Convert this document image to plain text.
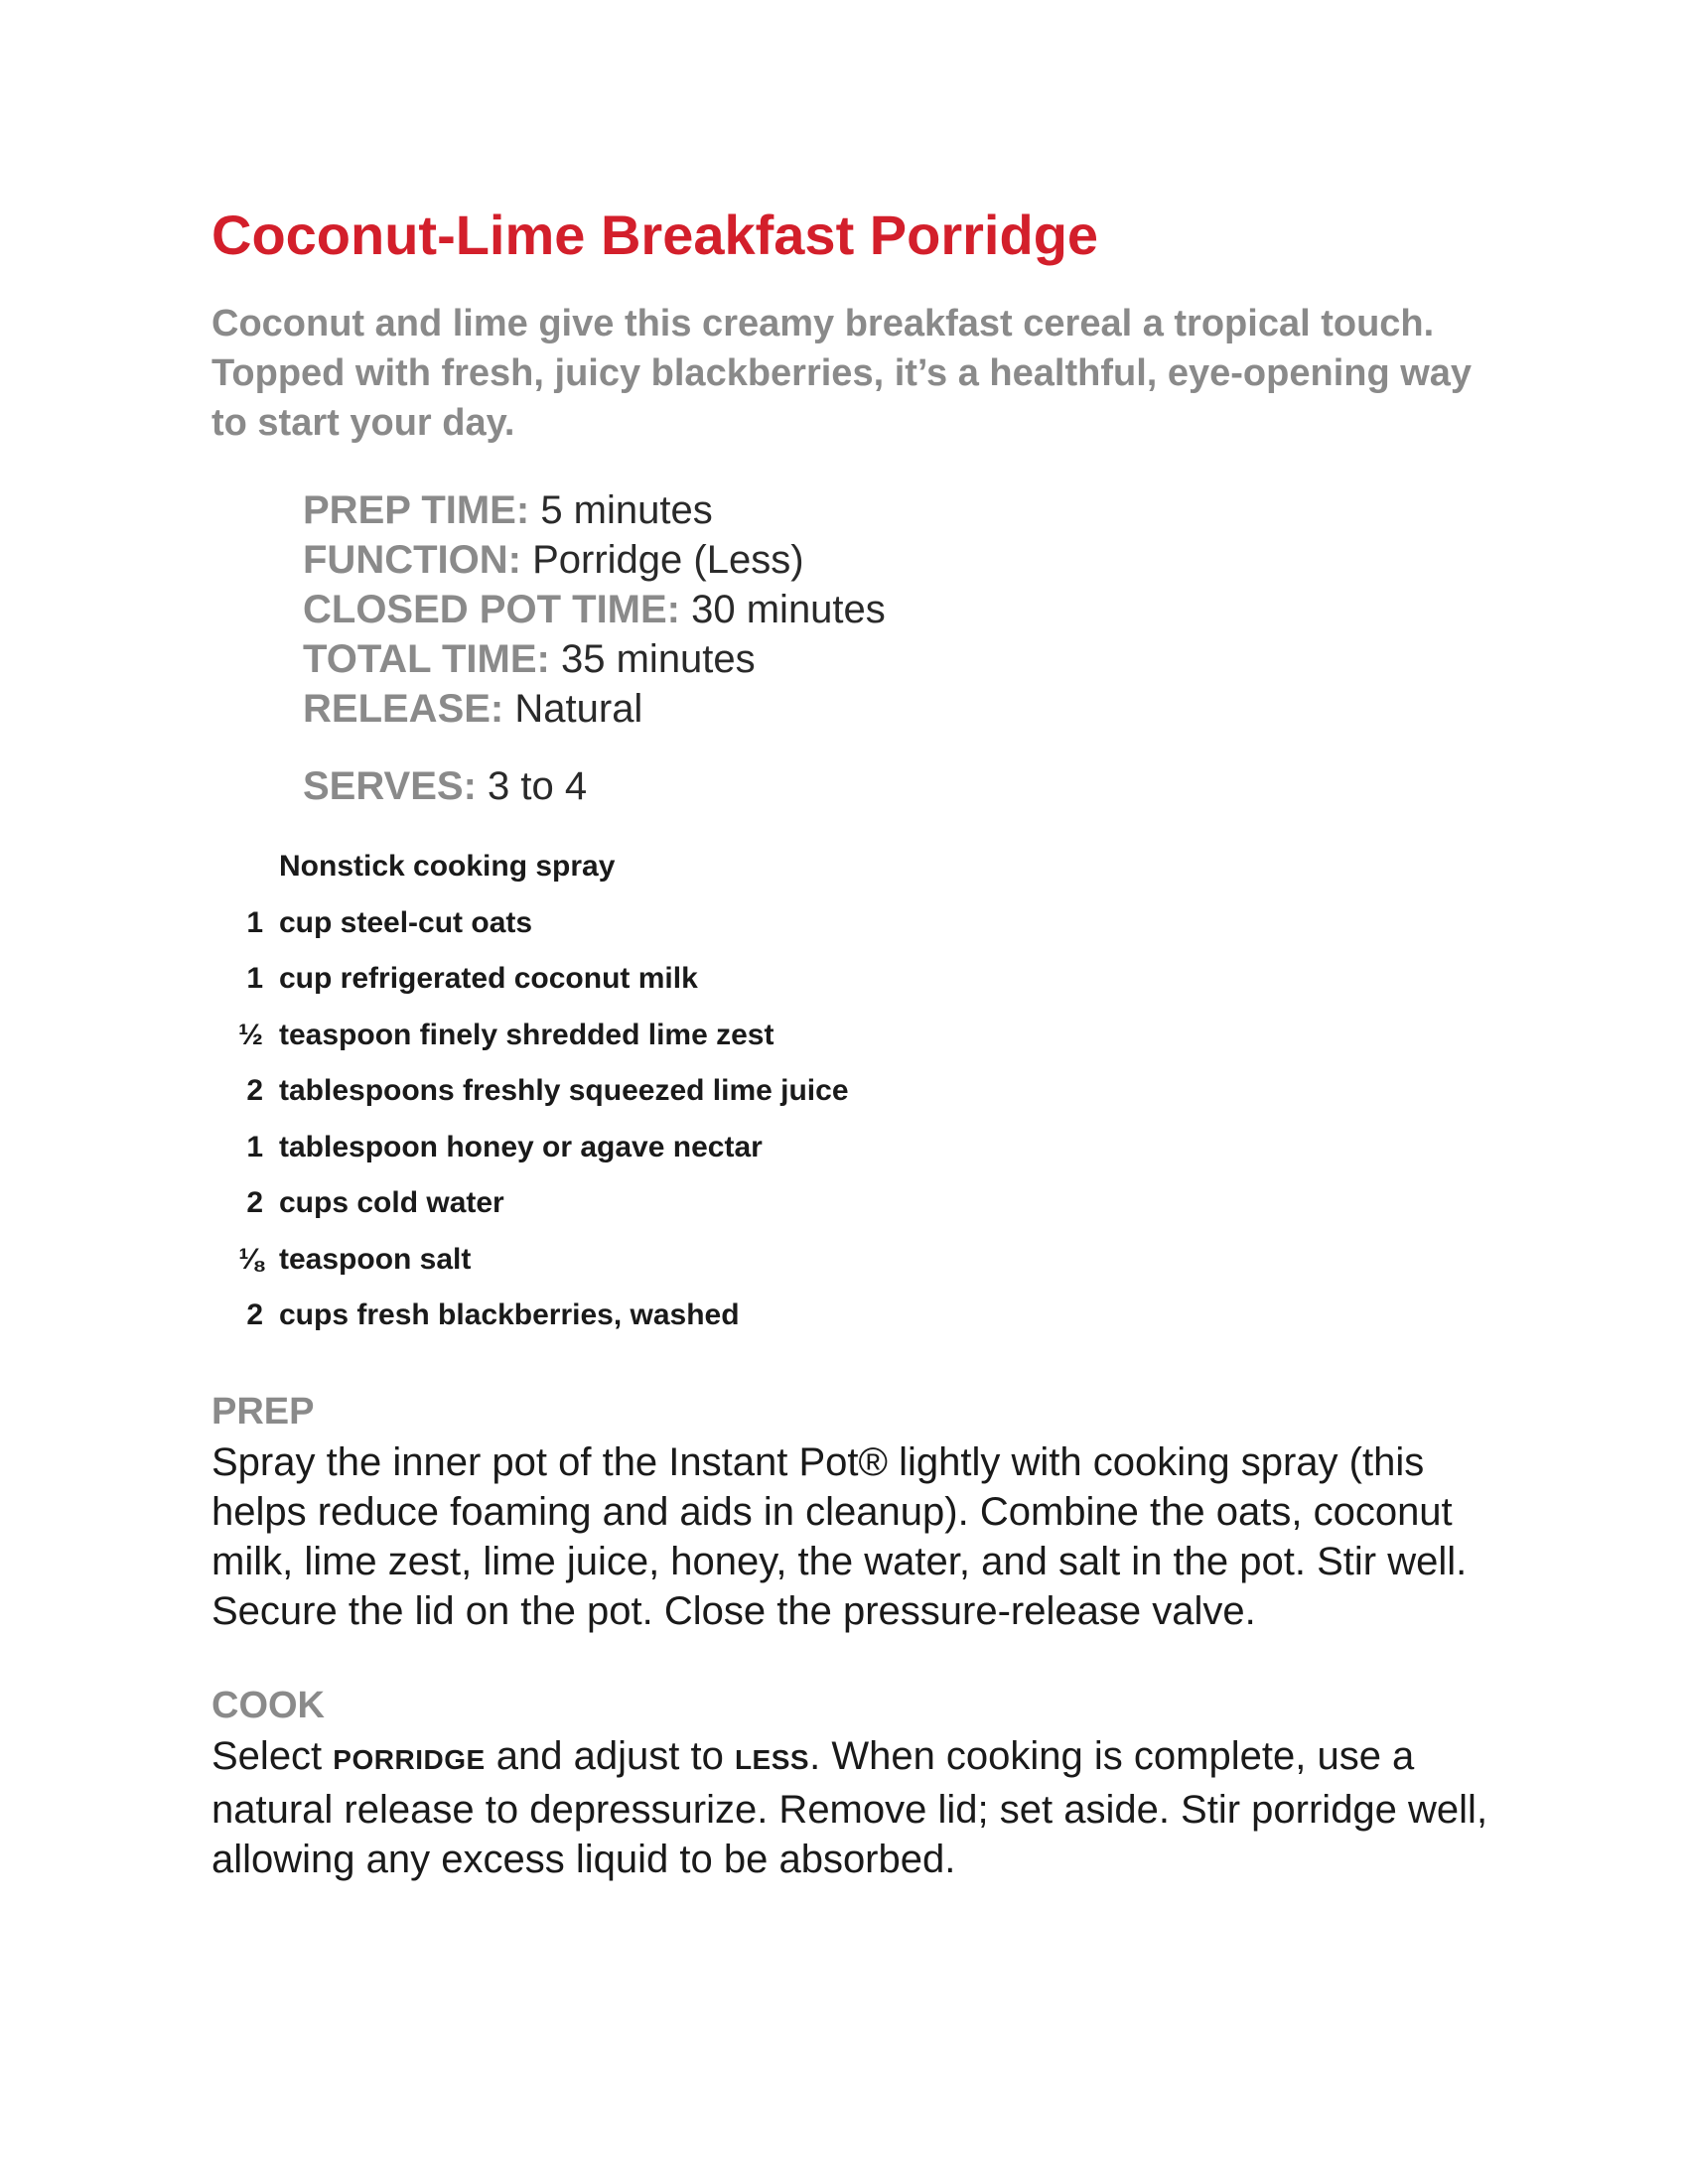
Coconut-Lime Breakfast Porridge

Coconut and lime give this creamy breakfast cereal a tropical touch. Topped with fresh, juicy blackberries, it’s a healthful, eye-opening way to start your day.

PREP TIME: 5 minutes
FUNCTION: Porridge (Less)
CLOSED POT TIME: 30 minutes
TOTAL TIME: 35 minutes
RELEASE: Natural
SERVES: 3 to 4
Nonstick cooking spray
1 cup steel-cut oats
1 cup refrigerated coconut milk
½ teaspoon finely shredded lime zest
2 tablespoons freshly squeezed lime juice
1 tablespoon honey or agave nectar
2 cups cold water
⅛ teaspoon salt
2 cups fresh blackberries, washed
PREP

Spray the inner pot of the Instant Pot® lightly with cooking spray (this helps reduce foaming and aids in cleanup). Combine the oats, coconut milk, lime zest, lime juice, honey, the water, and salt in the pot. Stir well. Secure the lid on the pot. Close the pressure-release valve.

COOK

Select PORRIDGE and adjust to LESS. When cooking is complete, use a natural release to depressurize. Remove lid; set aside. Stir porridge well, allowing any excess liquid to be absorbed.
